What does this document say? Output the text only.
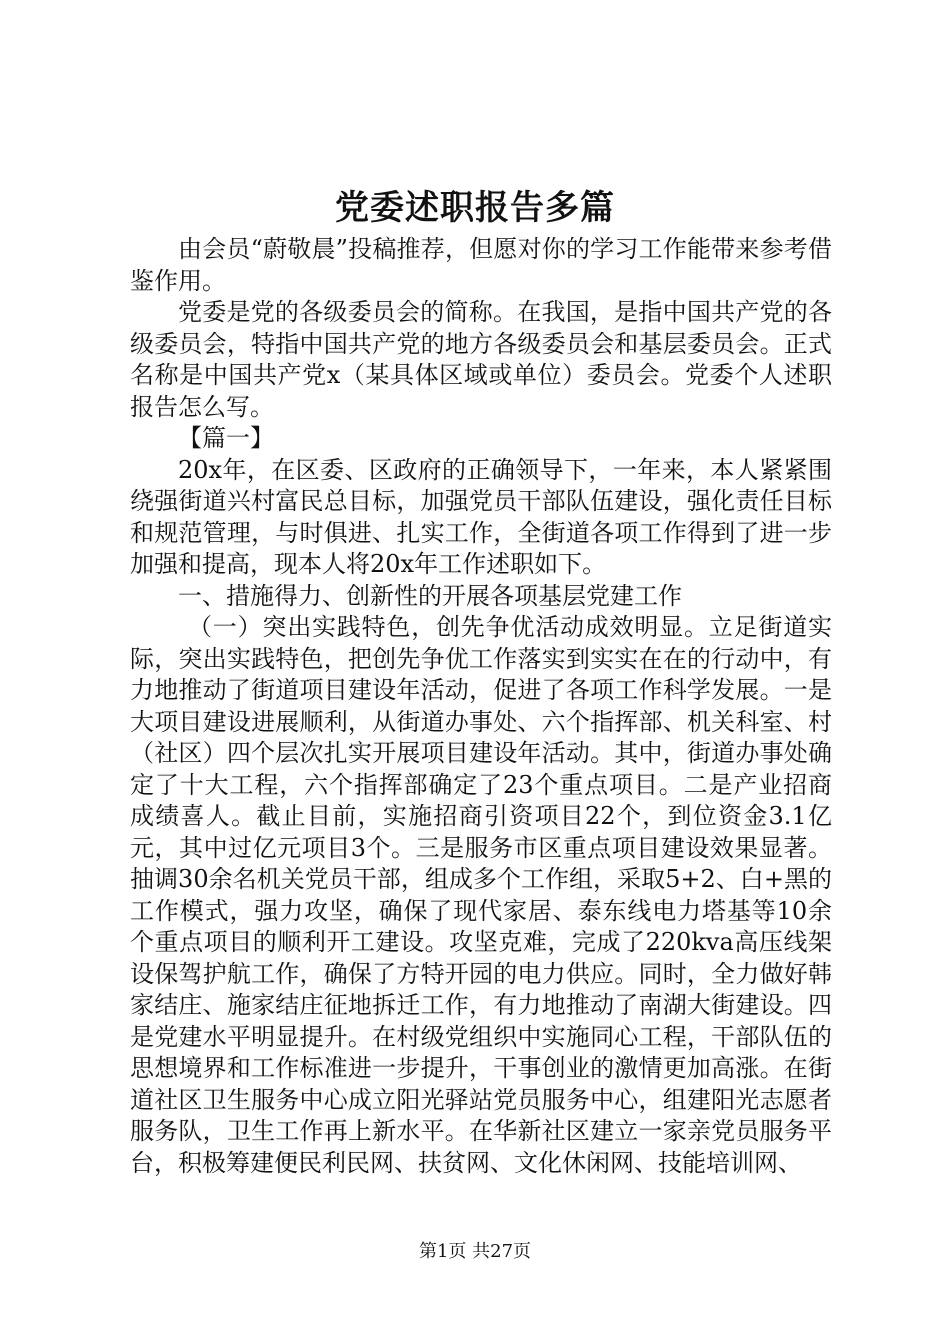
党委述职报告多篇

由会员“蔚敬晨”投稿推荐，但愿对你的学习工作能带来参考借鉴作用。

党委是党的各级委员会的简称。在我国，是指中国共产党的各级委员会，特指中国共产党的地方各级委员会和基层委员会。正式名称是中国共产党x（某具体区域或单位）委员会。党委个人述职报告怎么写。

【篇一】

20x年，在区委、区政府的正确领导下，一年来，本人紧紧围绕强街道兴村富民总目标，加强党员干部队伍建设，强化责任目标和规范管理，与时俱进、扎实工作，全街道各项工作得到了进一步加强和提高，现本人将20x年工作述职如下。

一、措施得力、创新性的开展各项基层党建工作

（一）突出实践特色，创先争优活动成效明显。立足街道实际，突出实践特色，把创先争优工作落实到实实在在的行动中，有力地推动了街道项目建设年活动，促进了各项工作科学发展。一是大项目建设进展顺利，从街道办事处、六个指挥部、机关科室、村（社区）四个层次扎实开展项目建设年活动。其中，街道办事处确定了十大工程，六个指挥部确定了23个重点项目。二是产业招商成绩喜人。截止目前，实施招商引资项目22个，到位资金3.1亿元，其中过亿元项目3个。三是服务市区重点项目建设效果显著。抽调30余名机关党员干部，组成多个工作组，采取5+2、白+黑的工作模式，强力攻坚，确保了现代家居、泰东线电力塔基等10余个重点项目的顺利开工建设。攻坚克难，完成了220kva高压线架设保驾护航工作，确保了方特开园的电力供应。同时，全力做好韩家结庄、施家结庄征地拆迁工作，有力地推动了南湖大街建设。四是党建水平明显提升。在村级党组织中实施同心工程，干部队伍的思想境界和工作标准进一步提升，干事创业的激情更加高涨。在街道社区卫生服务中心成立阳光驿站党员服务中心，组建阳光志愿者服务队，卫生工作再上新水平。在华新社区建立一家亲党员服务平台，积极筹建便民利民网、扶贫网、文化休闲网、技能培训网、

第1页 共27页
